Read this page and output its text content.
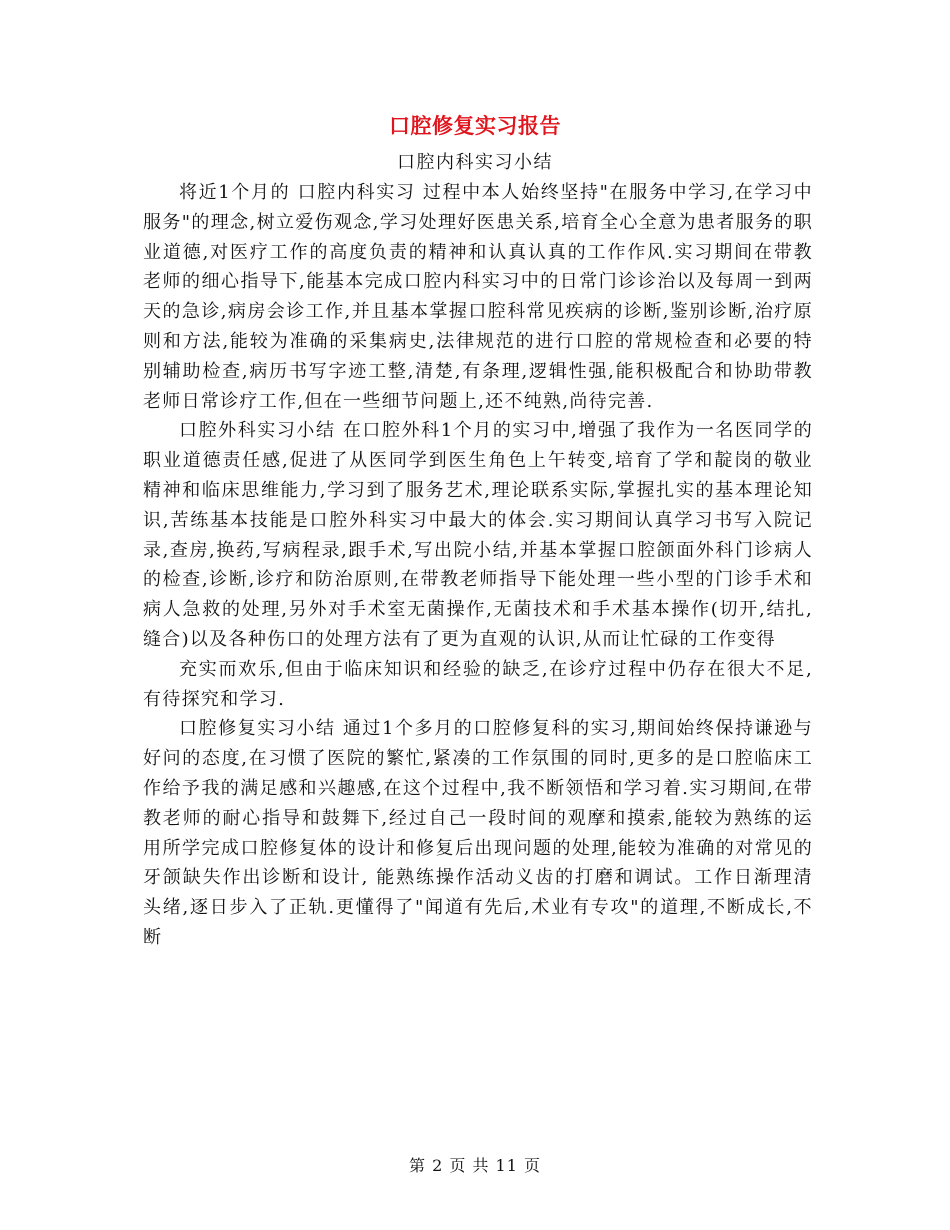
口腔修复实习报告
口腔内科实习小结

将近1个月的 口腔内科实习 过程中本人始终坚持"在服务中学习,在学习中服务"的理念,树立爱伤观念,学习处理好医患关系,培育全心全意为患者服务的职业道德,对医疗工作的高度负责的精神和认真认真的工作作风.实习期间在带教老师的细心指导下,能基本完成口腔内科实习中的日常门诊诊治以及每周一到两天的急诊,病房会诊工作,并且基本掌握口腔科常见疾病的诊断,鉴别诊断,治疗原则和方法,能较为准确的采集病史,法律规范的进行口腔的常规检查和必要的特别辅助检查,病历书写字迹工整,清楚,有条理,逻辑性强,能积极配合和协助带教老师日常诊疗工作,但在一些细节问题上,还不纯熟,尚待完善.

口腔外科实习小结 在口腔外科1个月的实习中,增强了我作为一名医同学的职业道德责任感,促进了从医同学到医生角色上午转变,培育了学和靛岗的敬业精神和临床思维能力,学习到了服务艺术,理论联系实际,掌握扎实的基本理论知识,苦练基本技能是口腔外科实习中最大的体会.实习期间认真学习书写入院记录,查房,换药,写病程录,跟手术,写出院小结,并基本掌握口腔颌面外科门诊病人的检查,诊断,诊疗和防治原则,在带教老师指导下能处理一些小型的门诊手术和病人急救的处理,另外对手术室无菌操作,无菌技术和手术基本操作(切开,结扎,缝合)以及各种伤口的处理方法有了更为直观的认识,从而让忙碌的工作变得

充实而欢乐,但由于临床知识和经验的缺乏,在诊疗过程中仍存在很大不足,有待探究和学习.

口腔修复实习小结 通过1个多月的口腔修复科的实习,期间始终保持谦逊与好问的态度,在习惯了医院的繁忙,紧凑的工作氛围的同时,更多的是口腔临床工作给予我的满足感和兴趣感,在这个过程中,我不断领悟和学习着.实习期间,在带教老师的耐心指导和鼓舞下,经过自己一段时间的观摩和摸索,能较为熟练的运用所学完成口腔修复体的设计和修复后出现问题的处理,能较为准确的对常见的牙颌缺失作出诊断和设计, 能熟练操作活动义齿的打磨和调试。工作日渐理清头绪,逐日步入了正轨.更懂得了"闻道有先后,术业有专攻"的道理,不断成长,不断

第 2 页 共 11 页
